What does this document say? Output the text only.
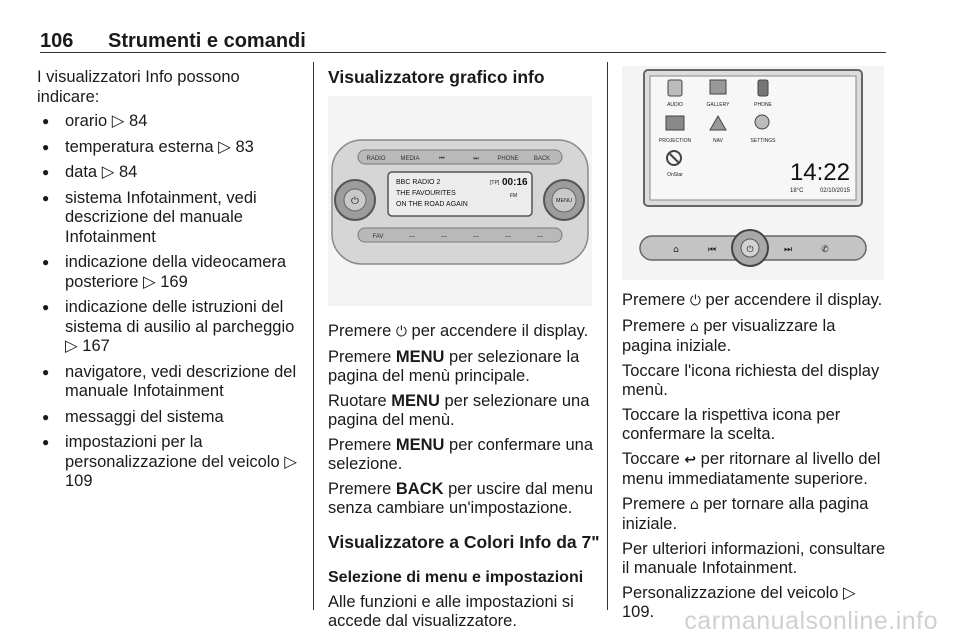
106 Strumenti e comandi

I visualizzatori Info possono indicare:

● orario ▷ 84
● temperatura esterna ▷ 83
● data ▷ 84
● sistema Infotainment, vedi descrizione del manuale Infotainment
● indicazione della videocamera posteriore ▷ 169
● indicazione delle istruzioni del sistema di ausilio al parcheggio ▷ 167
● navigatore, vedi descrizione del manuale Infotainment
● messaggi del sistema
● impostazioni per la personalizzazione del veicolo ▷ 109

Visualizzatore grafico info

RADIO MEDIA	⏮	⏭	PHONE	BACK
⏻	MENU
BBC RADIO 2
THE FAVOURITES
ON THE ROAD AGAIN
[TP] 00:16
FM
FAV	—	—	—	—	—

Premere ⏻ per accendere il display.

Premere MENU per selezionare la pagina del menù principale.

Ruotare MENU per selezionare una pagina del menù.

Premere MENU per confermare una selezione.

Premere BACK per uscire dal menu senza cambiare un'impostazione.

Visualizzatore a Colori Info da 7"

Selezione di menu e impostazioni

Alle funzioni e alle impostazioni si accede dal visualizzatore.

AUDIO	GALLERY	PHONE
PROJECTION	NAV	SETTINGS
OnStar	14:22
18°C	02/10/2015
⌂	⏮	⏭	✆
⏻

Premere ⏻ per accendere il display.

Premere ⌂ per visualizzare la pagina iniziale.

Toccare l'icona richiesta del display menù.

Toccare la rispettiva icona per confermare la scelta.

Toccare ↩ per ritornare al livello del menu immediatamente superiore.

Premere ⌂ per tornare alla pagina iniziale.

Per ulteriori informazioni, consultare il manuale Infotainment.

Personalizzazione del veicolo ▷ 109.	carmanualsonline.info
